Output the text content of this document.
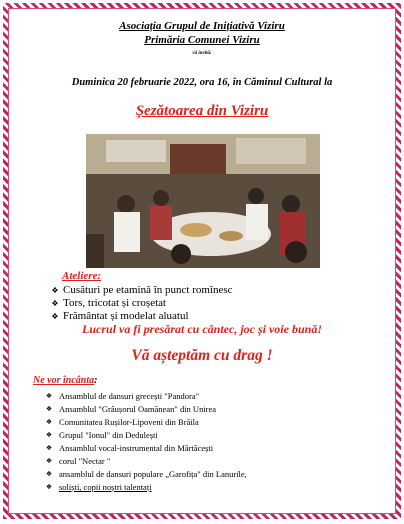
Asociația Grupul de Inițiativă Viziru
Primăria Comunei Viziru
vă invită:
Duminica 20 februarie 2022, ora 16, în Căminul Cultural la
Șezătoarea din Viziru
Ateliere:
❖ Cusături pe etamină în punct romînesc
❖ Tors, tricotat și croșetat
❖ Frământat și modelat aluatul
Lucrul va fi presărat cu cântec, joc și voie bună!
Vă așteptăm cu drag !
Ne vor încânta:
❖ Ansamblul de dansuri grecești "Pandora"
❖ Ansamblul "Grâușorul Oamănean" din Unirea
❖ Comunitatea Rușilor-Lipoveni din Brăila
❖ Grupul "Ionul" din Dedulești
❖ Ansamblul vocal-instrumental din Mărtăcești
❖ corul "Nectar "
❖ ansamblul de dansuri populare „Garofița" din Lanurile,
❖ soliști, copii noștri talentați
